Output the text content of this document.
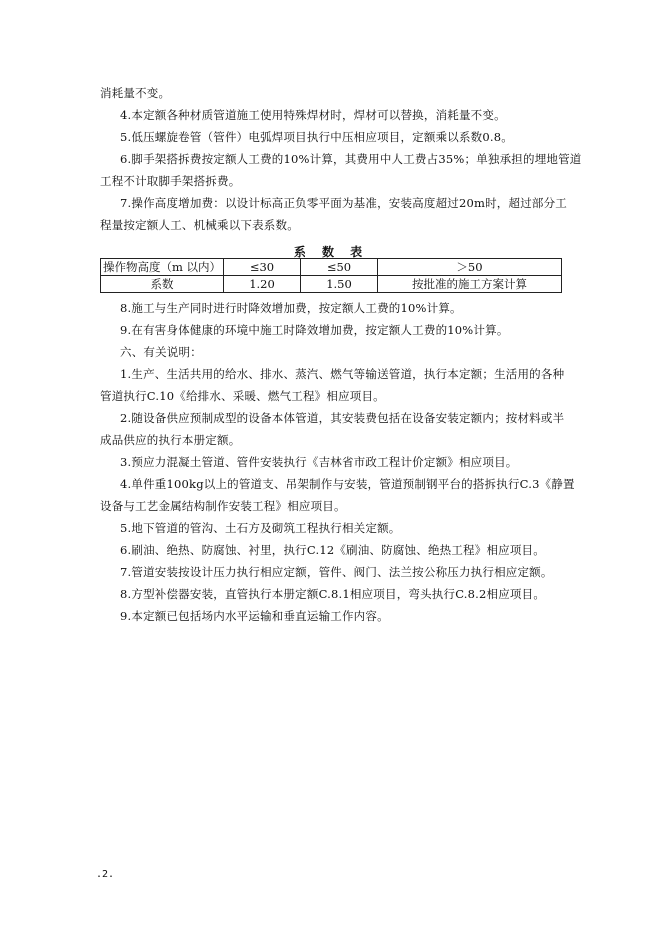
消耗量不变。
4.本定额各种材质管道施工使用特殊焊材时，焊材可以替换，消耗量不变。
5.低压螺旋卷管（管件）电弧焊项目执行中压相应项目，定额乘以系数0.8。
6.脚手架搭拆费按定额人工费的10%计算，其费用中人工费占35%；单独承担的埋地管道
工程不计取脚手架搭拆费。
7.操作高度增加费：以设计标高正负零平面为基准，安装高度超过20m时，超过部分工
程量按定额人工、机械乘以下表系数。
系 数 表
操作物高度（m 以内）	≤30	≤50	＞50
系数	1.20	1.50	按批准的施工方案计算
8.施工与生产同时进行时降效增加费，按定额人工费的10%计算。
9.在有害身体健康的环境中施工时降效增加费，按定额人工费的10%计算。
六、有关说明：
1.生产、生活共用的给水、排水、蒸汽、燃气等输送管道，执行本定额；生活用的各种
管道执行C.10《给排水、采暖、燃气工程》相应项目。
2.随设备供应预制成型的设备本体管道，其安装费包括在设备安装定额内；按材料或半
成品供应的执行本册定额。
3.预应力混凝土管道、管件安装执行《吉林省市政工程计价定额》相应项目。
4.单件重100kg以上的管道支、吊架制作与安装，管道预制钢平台的搭拆执行C.3《静置
设备与工艺金属结构制作安装工程》相应项目。
5.地下管道的管沟、土石方及砌筑工程执行相关定额。
6.刷油、绝热、防腐蚀、衬里，执行C.12《刷油、防腐蚀、绝热工程》相应项目。
7.管道安装按设计压力执行相应定额，管件、阀门、法兰按公称压力执行相应定额。
8.方型补偿器安装，直管执行本册定额C.8.1相应项目，弯头执行C.8.2相应项目。
9.本定额已包括场内水平运输和垂直运输工作内容。
.2.
